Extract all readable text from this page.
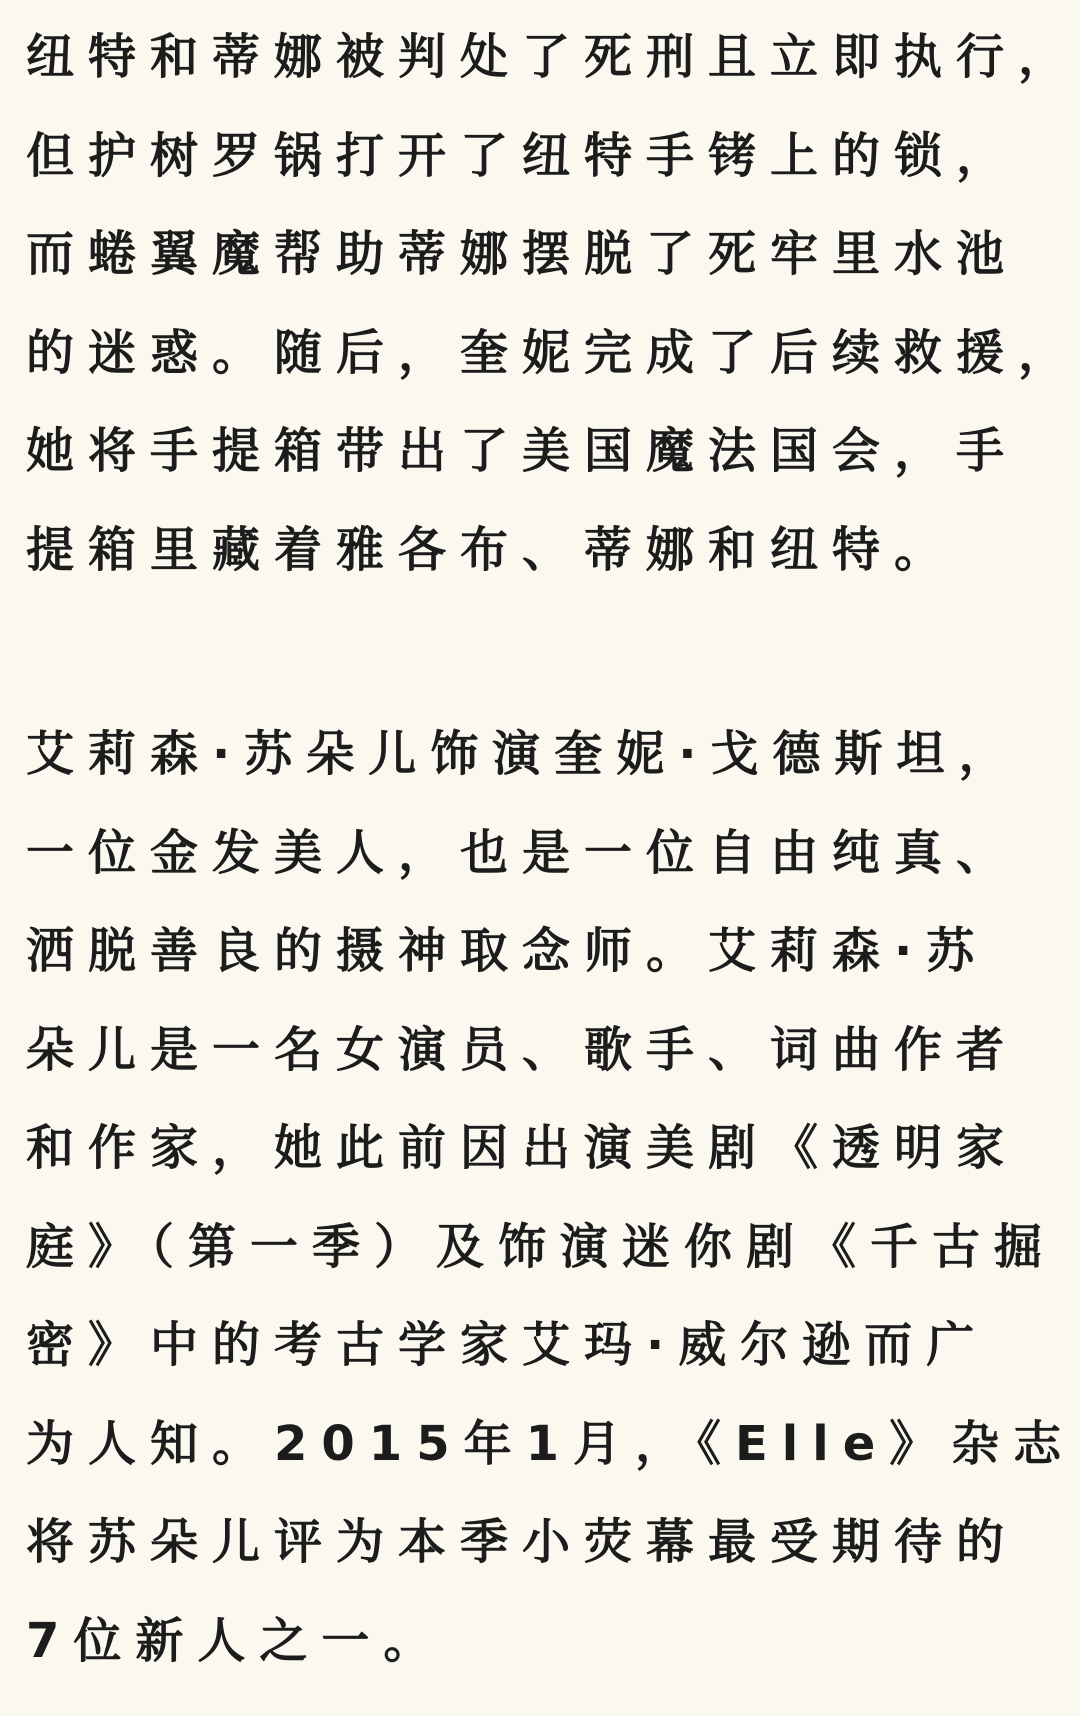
纽特和蒂娜被判处了死刑且立即执行，
但护树罗锅打开了纽特手铐上的锁，
而蜷翼魔帮助蒂娜摆脱了死牢里水池
的迷惑。随后，奎妮完成了后续救援，
她将手提箱带出了美国魔法国会，手
提箱里藏着雅各布、蒂娜和纽特。
艾莉森·苏朵儿饰演奎妮·戈德斯坦，
一位金发美人，也是一位自由纯真、
洒脱善良的摄神取念师。艾莉森·苏
朵儿是一名女演员、歌手、词曲作者
和作家，她此前因出演美剧《透明家
庭》（第一季）及饰演迷你剧《千古掘
密》中的考古学家艾玛·威尔逊而广
为人知。2015年1月，《Elle》杂志
将苏朵儿评为本季小荧幕最受期待的
7位新人之一。
